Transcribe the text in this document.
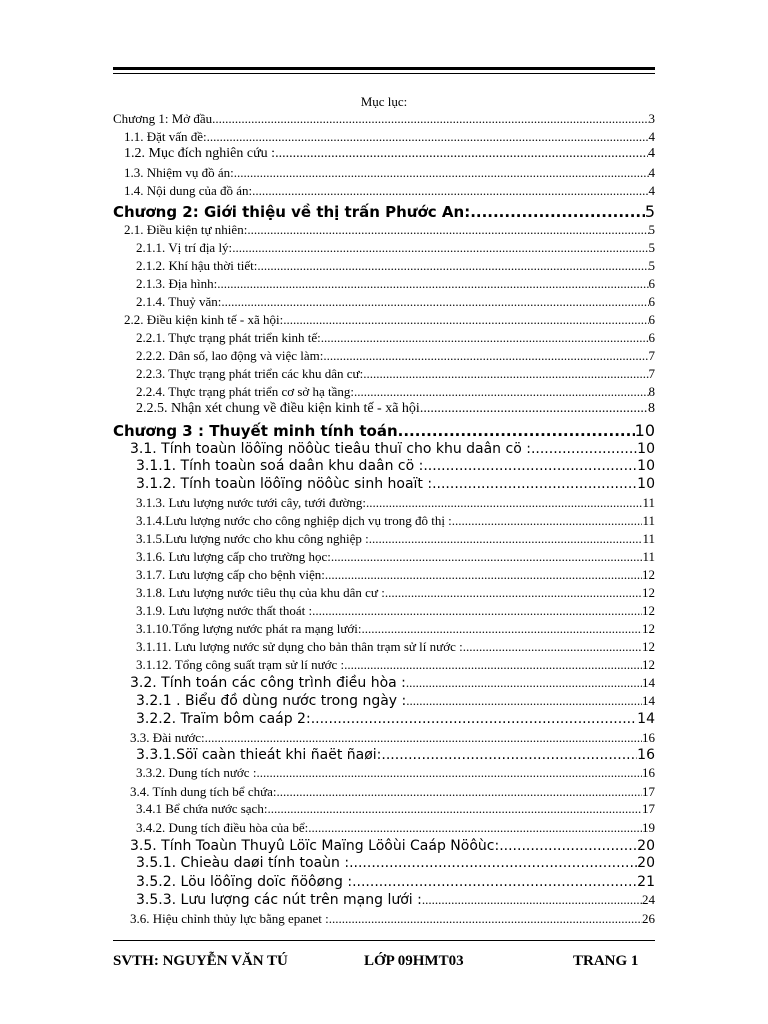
Mục lục:
Chương 1: Mở đầu .....	3
1.1. Đặt vấn đề: .....	4
1.2. Mục đích nghiên cứu : .....	4
1.3. Nhiệm vụ đồ án: .....	4
1.4. Nội dung của đồ án: .....	4
Chương 2: Giới thiệu về thị trấn Phước An: .....	5
2.1. Điều kiện tự nhiên: .....	5
2.1.1. Vị trí địa lý: .....	5
2.1.2. Khí hậu thời tiết: .....	5
2.1.3. Địa hình: .....	6
2.1.4. Thuỷ văn: .....	6
2.2. Điều kiện kinh tế - xã hội: .....	6
2.2.1. Thực trạng phát triển kinh tế: .....	6
2.2.2. Dân số, lao động và việc làm: .....	7
2.2.3. Thực trạng phát triển các khu dân cư: .....	7
2.2.4. Thực trạng phát triển cơ sở hạ tầng: .....	8
2.2.5. Nhận xét chung về điều kiện kinh tế - xã hội .....	8
Chương 3 : Thuyết minh tính toán .....	10
3.1. Tính toaùn löôïng nöôùc tieâu thuï cho khu daân cö : .....	10
3.1.1. Tính toaùn soá daân khu daân cö : .....	10
3.1.2. Tính toaùn löôïng nöôùc sinh hoaït : .....	10
3.1.3. Lưu lượng nước tưới cây, tưới đường: .....	11
3.1.4.Lưu lượng nước cho công nghiệp dịch vụ trong đô thị : .....	11
3.1.5.Lưu lượng nước cho khu công nghiệp : .....	11
3.1.6. Lưu lượng cấp cho trường học: .....	11
3.1.7. Lưu lượng cấp cho bệnh viện: .....	12
3.1.8. Lưu lượng nước tiêu thụ của khu dân cư : .....	12
3.1.9. Lưu lượng nước thất thoát : .....	12
3.1.10.Tổng lượng nước phát ra mạng lưới: .....	12
3.1.11. Lưu lượng nước sử dụng cho bản thân trạm sử lí nước : .....	12
3.1.12. Tổng công suất trạm sử lí nước : .....	12
3.2. Tính toán các công trình điều hòa : .....	14
3.2.1 . Biểu đồ dùng nước trong ngày : .....	14
3.2.2. Traïm bôm caáp 2: .....	14
3.3. Đài nước: .....	16
3.3.1.Söï caàn thieát khi ñaët ñaøi: .....	16
3.3.2. Dung tích nước : .....	16
3.4. Tính dung tích bể chứa: .....	17
3.4.1 Bể chứa nước sạch: .....	17
3.4.2. Dung tích điều hòa của bể: .....	19
3.5. Tính Toaùn Thuyû Löïc Maïng Löôùi Caáp Nöôùc: .....	20
3.5.1. Chieàu daøi tính toaùn : .....	20
3.5.2. Löu löôïng doïc ñöôøng : .....	21
3.5.3. Lưu lượng các nút trên mạng lưới : .....	24
3.6. Hiệu chỉnh thủy lực bằng epanet : .....	26
SVTH: NGUYỄN VĂN TÚ	LỚP 09HMT03	TRANG 1
